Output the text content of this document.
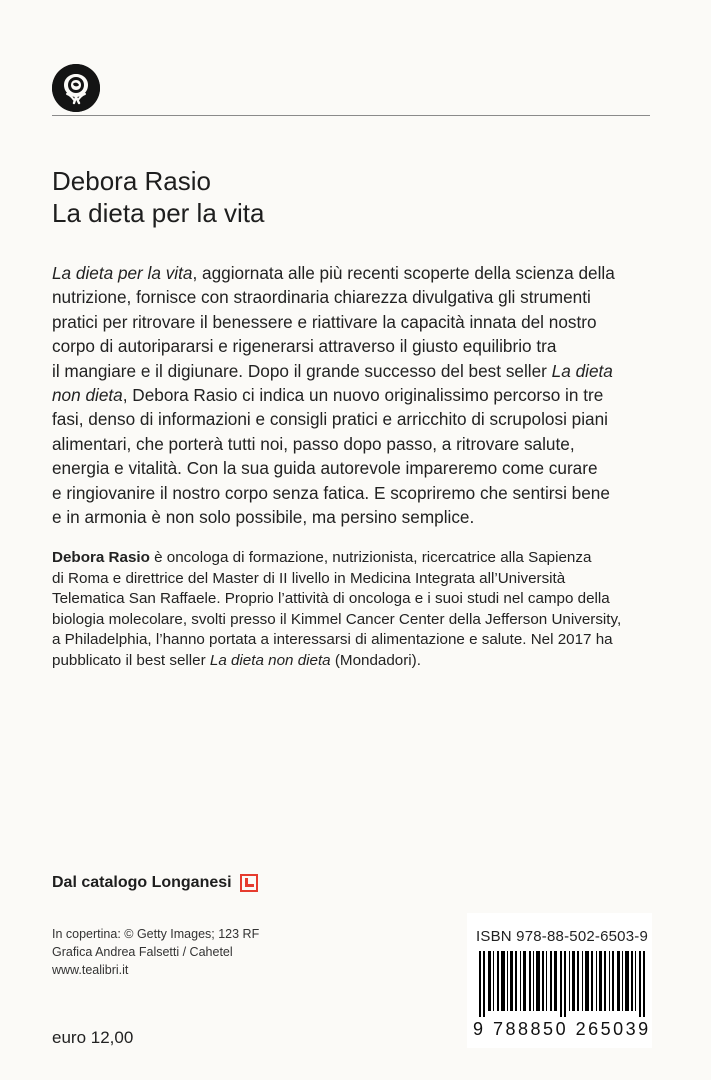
Debora Rasio
La dieta per la vita
La dieta per la vita, aggiornata alle più recenti scoperte della scienza della
nutrizione, fornisce con straordinaria chiarezza divulgativa gli strumenti
pratici per ritrovare il benessere e riattivare la capacità innata del nostro
corpo di autoripararsi e rigenerarsi attraverso il giusto equilibrio tra
il mangiare e il digiunare. Dopo il grande successo del best seller La dieta
non dieta, Debora Rasio ci indica un nuovo originalissimo percorso in tre
fasi, denso di informazioni e consigli pratici e arricchito di scrupolosi piani
alimentari, che porterà tutti noi, passo dopo passo, a ritrovare salute,
energia e vitalità. Con la sua guida autorevole impareremo come curare
e ringiovanire il nostro corpo senza fatica. E scopriremo che sentirsi bene
e in armonia è non solo possibile, ma persino semplice.
Debora Rasio è oncologa di formazione, nutrizionista, ricercatrice alla Sapienza
di Roma e direttrice del Master di II livello in Medicina Integrata all’Università
Telematica San Raffaele. Proprio l’attività di oncologa e i suoi studi nel campo della
biologia molecolare, svolti presso il Kimmel Cancer Center della Jefferson University,
a Philadelphia, l’hanno portata a interessarsi di alimentazione e salute. Nel 2017 ha
pubblicato il best seller La dieta non dieta (Mondadori).
Dal catalogo Longanesi
In copertina: © Getty Images; 123 RF
Grafica Andrea Falsetti / Cahetel
www.tealibri.it
euro 12,00
ISBN 978-88-502-6503-9
9 788850 265039
